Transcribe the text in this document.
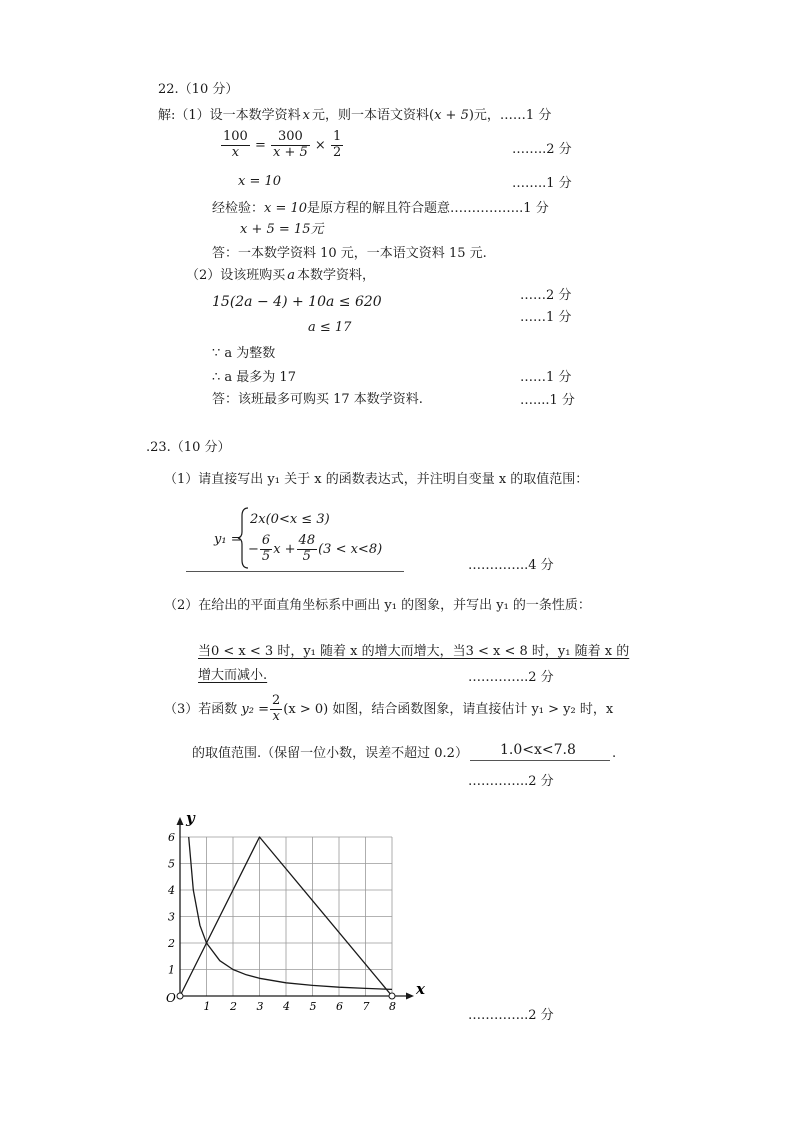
22.（10 分）
解:（1）设一本数学资料 x 元，则一本语文资料(x + 5)元，……1 分
$\frac{100}{x} = \frac{300}{x + 5} \times \frac{1}{2}$	……..2 分
x = 10	……..1 分
经检验：x = 10是原方程的解且符合题意……………..1 分
x + 5 = 15元
答：一本数学资料 10 元，一本语文资料 15 元.
（2）设该班购买 a 本数学资料，
15(2a − 4) + 10a ≤ 620	……2 分
……1 分
a ≤ 17
∵ a 为整数
∴ a 最多为 17	……1 分
答：该班最多可购买 17 本数学资料.	…....1 分
.23.（10 分）
（1）请直接写出 y₁ 关于 x 的函数表达式，并注明自变量 x 的取值范围：
y₁ =
2x(0<x ≤ 3)
− $\frac{6}{5}$ $x + \frac{48}{5} (3 < x<8)$
…………..4 分
（2）在给出的平面直角坐标系中画出 y₁ 的图象，并写出 y₁ 的一条性质：
当0 < x < 3 时，y₁ 随着 x 的增大而增大，当3 < x < 8 时，y₁ 随着 x 的
增大而减小.	…………..2 分
（3）若函数 $y_2 = \frac{2}{x} (x > 0)$ 如图，结合函数图象，请直接估计 y₁ > y₂ 时，x
的取值范围.（保留一位小数，误差不超过 0.2） 1.0<x<7.8	.
…………..2 分
x
y
O
1 2 3 4 5 6 7 8
1
2
3
4
5
6
…………..2 分
